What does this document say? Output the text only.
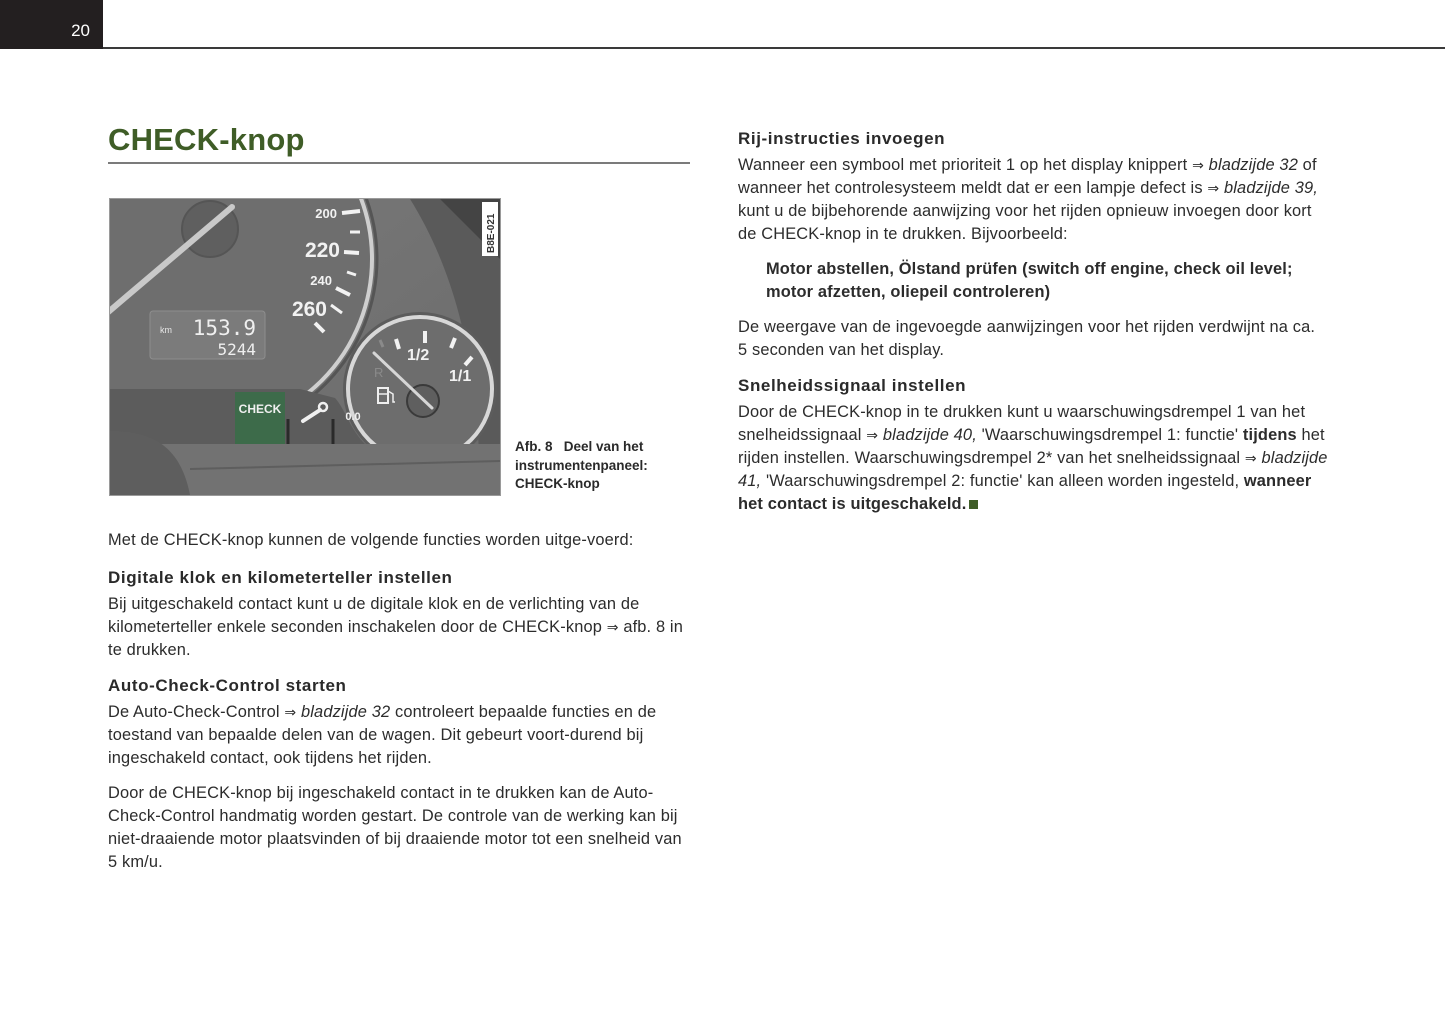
20
CHECK-knop
200
220
240
260
km 153.9
5244	1/2
1/1
R
CHECK
0.0
B8E-021
Afb. 8 Deel van het instrumentenpaneel: CHECK-knop

Met de CHECK-knop kunnen de volgende functies worden uitge-voerd:

Digitale klok en kilometerteller instellen

Bij uitgeschakeld contact kunt u de digitale klok en de verlichting van de kilometerteller enkele seconden inschakelen door de CHECK-knop ⇒ afb. 8 in te drukken.

Auto-Check-Control starten

De Auto-Check-Control ⇒ bladzijde 32 controleert bepaalde functies en de toestand van bepaalde delen van de wagen. Dit gebeurt voort-durend bij ingeschakeld contact, ook tijdens het rijden.

Door de CHECK-knop bij ingeschakeld contact in te drukken kan de Auto-Check-Control handmatig worden gestart. De controle van de werking kan bij niet-draaiende motor plaatsvinden of bij draaiende motor tot een snelheid van 5 km/u.

Rij-instructies invoegen

Wanneer een symbool met prioriteit 1 op het display knippert ⇒ bladzijde 32 of wanneer het controlesysteem meldt dat er een lampje defect is ⇒ bladzijde 39, kunt u de bijbehorende aanwijzing voor het rijden opnieuw invoegen door kort de CHECK-knop in te drukken. Bijvoorbeeld:

Motor abstellen, Ölstand prüfen (switch off engine, check oil level; motor afzetten, oliepeil controleren)

De weergave van de ingevoegde aanwijzingen voor het rijden verdwijnt na ca. 5 seconden van het display.

Snelheidssignaal instellen

Door de CHECK-knop in te drukken kunt u waarschuwingsdrempel 1 van het snelheidssignaal ⇒ bladzijde 40, 'Waarschuwingsdrempel 1: functie' tijdens het rijden instellen. Waarschuwingsdrempel 2* van het snelheidssignaal ⇒ bladzijde 41, 'Waarschuwingsdrempel 2: functie' kan alleen worden ingesteld, wanneer het contact is uitgeschakeld.
